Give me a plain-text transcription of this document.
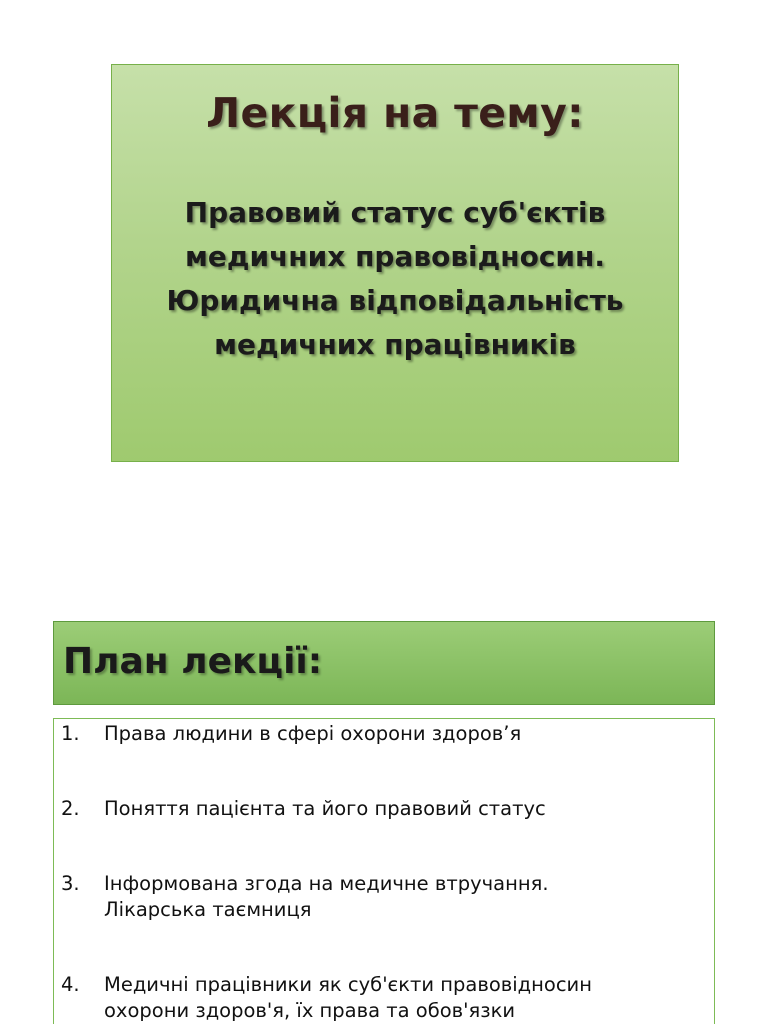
Лекція на тему:
Правовий статус суб'єктів
медичних правовідносин.
Юридична відповідальність
медичних працівників
План лекції:
1. Права людини в сфері охорони здоров’я
2. Поняття пацієнта та його правовий статус
3. Інформована згода на медичне втручання.
Лікарська таємниця
4. Медичні працівники як суб'єкти правовідносин
охорони здоров'я, їх права та обов'язки
